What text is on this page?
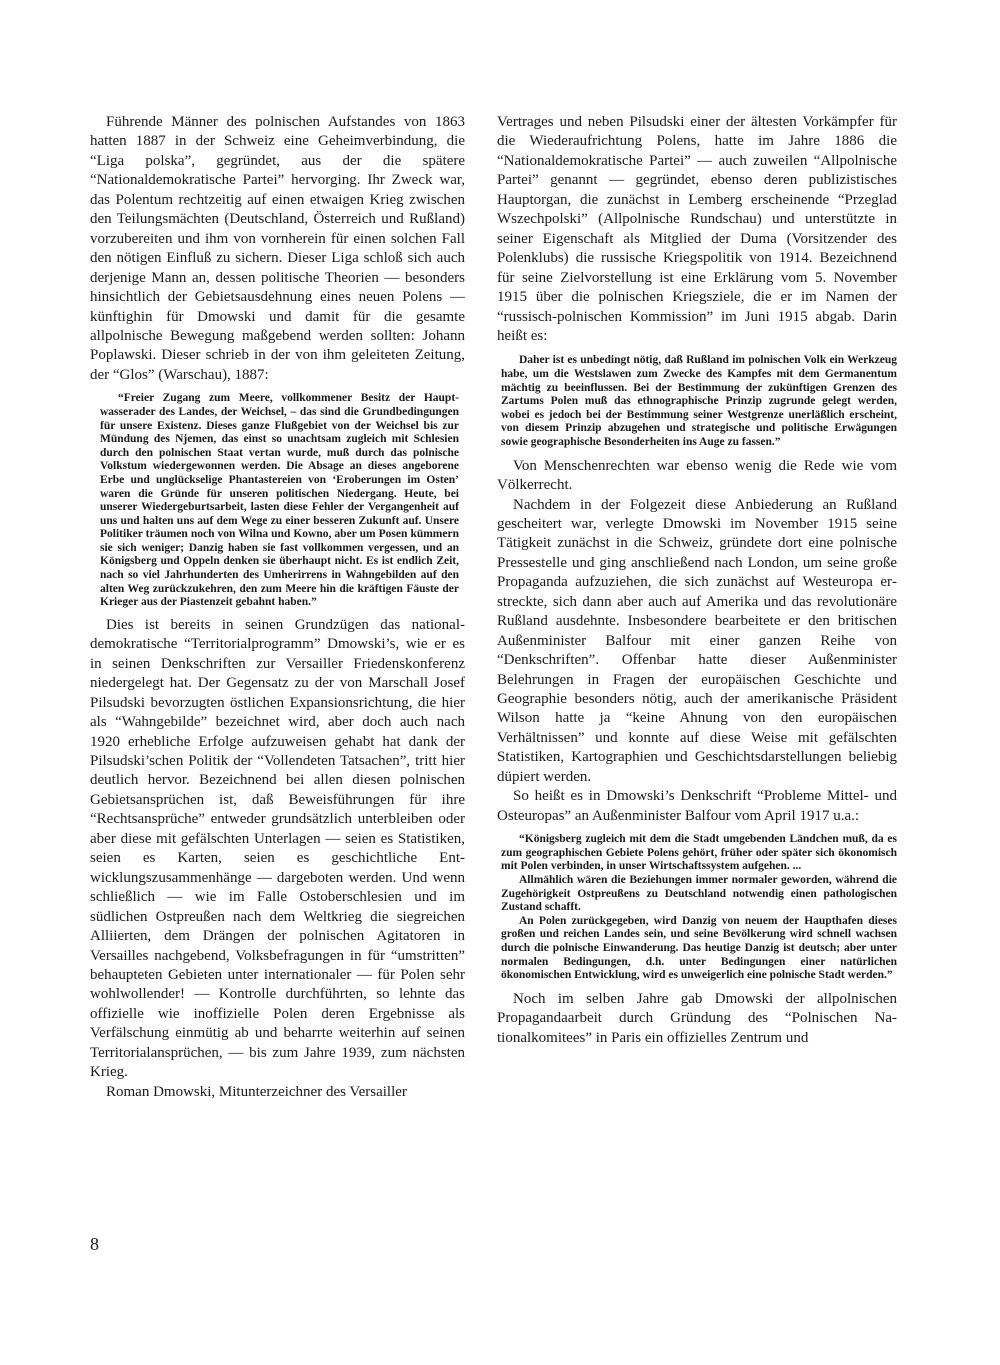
Führende Männer des polnischen Aufstandes von 1863 hatten 1887 in der Schweiz eine Geheimverbindung, die “Liga polska”, gegründet, aus der die spätere “Nationaldemokratische Partei” hervorging. Ihr Zweck war, das Polentum rechtzeitig auf einen etwaigen Krieg zwischen den Teilungsmächten (Deutschland, Österreich und Rußland) vorzubereiten und ihm von vornherein für einen solchen Fall den nötigen Einfluß zu sichern. Dieser Liga schloß sich auch derjenige Mann an, dessen politische Theorien — besonders hinsichtlich der Gebietsausdehnung eines neuen Polens — künftighin für Dmowski und damit für die gesamte allpolnische Bewegung maßgebend werden sollten: Johann Poplawski. Dieser schrieb in der von ihm geleiteten Zeitung, der “Glos” (Warschau), 1887:

“Freier Zugang zum Meere, vollkommener Besitz der Hauptwasserader des Landes, der Weichsel, – das sind die Grundbedingungen für unsere Existenz. Dieses ganze Flußgebiet von der Weichsel bis zur Mündung des Njemen, das einst so unachtsam zugleich mit Schlesien durch den polnischen Staat vertan wurde, muß durch das polnische Volkstum wiedergewonnen werden. Die Absage an dieses angeborene Erbe und unglückselige Phantastereien von ‘Eroberungen im Osten’ waren die Gründe für unseren politischen Niedergang. Heute, bei unserer Wiedergeburtsarbeit, lasten diese Fehler der Vergangenheit auf uns und halten uns auf dem Wege zu einer besseren Zukunft auf. Unsere Politiker träumen noch von Wilna und Kowno, aber um Posen kümmern sie sich weniger; Danzig haben sie fast vollkommen vergessen, und an Königsberg und Oppeln denken sie überhaupt nicht. Es ist endlich Zeit, nach so viel Jahrhunderten des Umherirrens in Wahngebilden auf den alten Weg zurückzukehren, den zum Meere hin die kräftigen Fäuste der Krieger aus der Piastenzeit gebahnt haben.”

Dies ist bereits in seinen Grundzügen das nationaldemokratische “Territorialprogramm” Dmowski’s, wie er es in seinen Denkschriften zur Versailler Friedenskonferenz niedergelegt hat. Der Gegensatz zu der von Marschall Josef Pilsudski bevorzugten östlichen Expansionsrichtung, die hier als “Wahngebilde” bezeichnet wird, aber doch auch nach 1920 erhebliche Erfolge aufzuweisen gehabt hat dank der Pilsudski’schen Politik der “Vollendeten Tatsachen”, tritt hier deutlich hervor. Bezeichnend bei allen diesen polnischen Gebietsansprüchen ist, daß Beweisführungen für ihre “Rechtsansprüche” entweder grundsätzlich unterbleiben oder aber diese mit gefälschten Unterlagen — seien es Statistiken, seien es Karten, seien es geschichtliche Entwicklungszusammenhänge — dargeboten werden. Und wenn schließlich — wie im Falle Ostoberschlesien und im südlichen Ostpreußen nach dem Weltkrieg die siegreichen Alliierten, dem Drängen der polnischen Agitatoren in Versailles nachgebend, Volksbefragungen in für “umstritten” behaupteten Gebieten unter internationaler — für Polen sehr wohlwollender! — Kontrolle durchführten, so lehnte das offizielle wie inoffizielle Polen deren Ergebnisse als Verfälschung einmütig ab und beharrte weiterhin auf seinen Territorialansprüchen, — bis zum Jahre 1939, zum nächsten Krieg.

Roman Dmowski, Mitunterzeichner des Versailler

Vertrages und neben Pilsudski einer der ältesten Vorkämpfer für die Wiederaufrichtung Polens, hatte im Jahre 1886 die “Nationaldemokratische Partei” — auch zuweilen “Allpolnische Partei” genannt — gegründet, ebenso deren publizistisches Hauptorgan, die zunächst in Lemberg erscheinende “Przeglad Wszechpolski” (Allpolnische Rundschau) und unterstützte in seiner Eigenschaft als Mitglied der Duma (Vorsitzender des Polenklubs) die russische Kriegspolitik von 1914. Bezeichnend für seine Zielvorstellung ist eine Erklärung vom 5. November 1915 über die polnischen Kriegsziele, die er im Namen der “russisch-polnischen Kommission” im Juni 1915 abgab. Darin heißt es:

Daher ist es unbedingt nötig, daß Rußland im polnischen Volk ein Werkzeug habe, um die Westslawen zum Zwecke des Kampfes mit dem Germanentum mächtig zu beeinflussen. Bei der Bestimmung der zukünftigen Grenzen des Zartums Polen muß das ethnographische Prinzip zugrunde gelegt werden, wobei es jedoch bei der Bestimmung seiner Westgrenze unerläßlich erscheint, von diesem Prinzip abzugehen und strategische und politische Erwägungen sowie geographische Besonderheiten ins Auge zu fassen.”

Von Menschenrechten war ebenso wenig die Rede wie vom Völkerrecht.

Nachdem in der Folgezeit diese Anbiederung an Rußland gescheitert war, verlegte Dmowski im November 1915 seine Tätigkeit zunächst in die Schweiz, gründete dort eine polnische Pressestelle und ging anschließend nach London, um seine große Propaganda aufzuziehen, die sich zunächst auf Westeuropa erstreckte, sich dann aber auch auf Amerika und das revolutionäre Rußland ausdehnte. Insbesondere bearbeitete er den britischen Außenminister Balfour mit einer ganzen Reihe von “Denkschriften”. Offenbar hatte dieser Außenminister Belehrungen in Fragen der europäischen Geschichte und Geographie besonders nötig, auch der amerikanische Präsident Wilson hatte ja “keine Ahnung von den europäischen Verhältnissen” und konnte auf diese Weise mit gefälschten Statistiken, Kartographien und Geschichtsdarstellungen beliebig düpiert werden.

So heißt es in Dmowski’s Denkschrift “Probleme Mittel- und Osteuropas” an Außenminister Balfour vom April 1917 u.a.:

“Königsberg zugleich mit dem die Stadt umgebenden Ländchen muß, da es zum geographischen Gebiete Polens gehört, früher oder später sich ökonomisch mit Polen verbinden, in unser Wirtschaftssystem aufgehen. ...

Allmählich wären die Beziehungen immer normaler geworden, während die Zugehörigkeit Ostpreußens zu Deutschland notwendig einen pathologischen Zustand schafft.

An Polen zurückgegeben, wird Danzig von neuem der Haupthafen dieses großen und reichen Landes sein, und seine Bevölkerung wird schnell wachsen durch die polnische Einwanderung. Das heutige Danzig ist deutsch; aber unter normalen Bedingungen, d.h. unter Bedingungen einer natürlichen ökonomischen Entwicklung, wird es unweigerlich eine polnische Stadt werden.”

Noch im selben Jahre gab Dmowski der allpolnischen Propagandaarbeit durch Gründung des “Polnischen Nationalkomitees” in Paris ein offizielles Zentrum und

8
